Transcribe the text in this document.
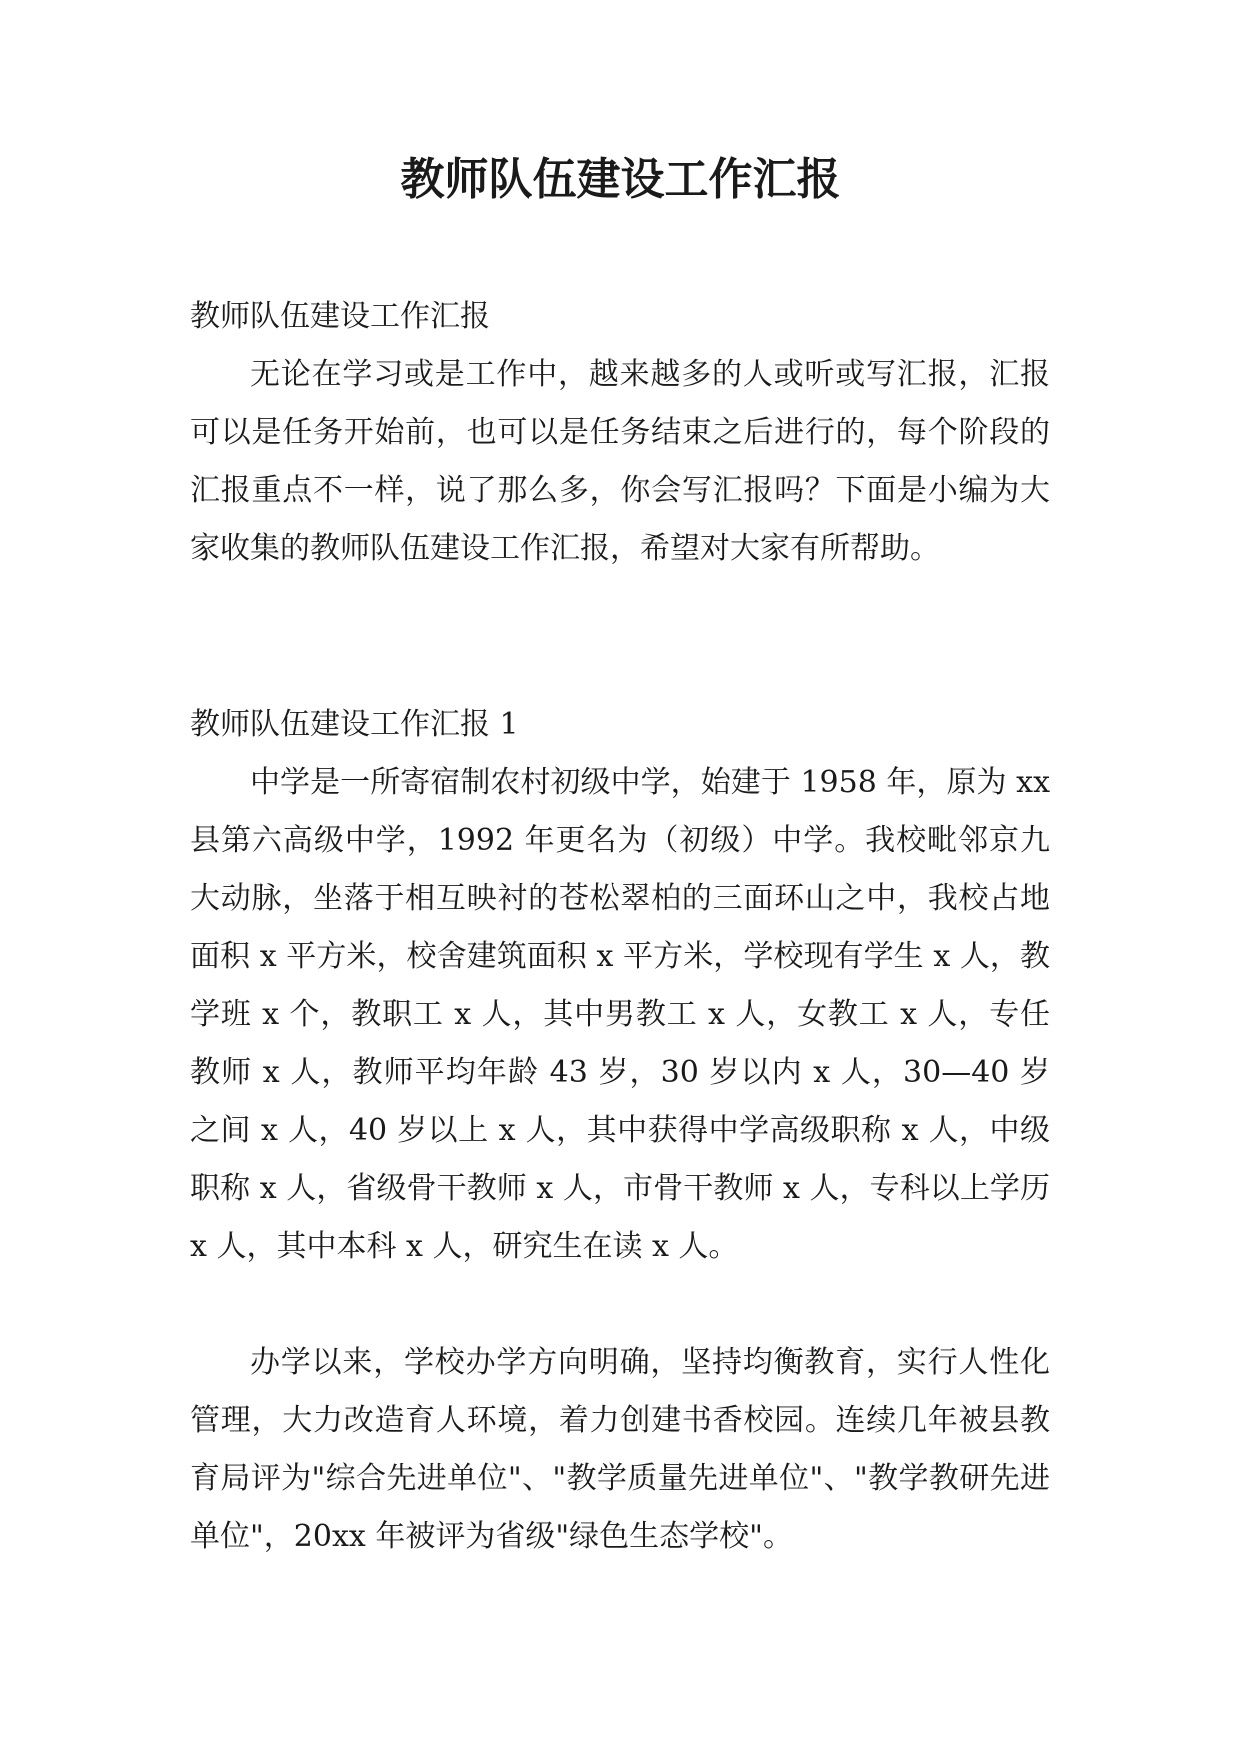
教师队伍建设工作汇报

教师队伍建设工作汇报

无论在学习或是工作中，越来越多的人或听或写汇报，汇报可以是任务开始前，也可以是任务结束之后进行的，每个阶段的汇报重点不一样，说了那么多，你会写汇报吗？下面是小编为大家收集的教师队伍建设工作汇报，希望对大家有所帮助。

教师队伍建设工作汇报 1

中学是一所寄宿制农村初级中学，始建于 1958 年，原为 xx 县第六高级中学，1992 年更名为（初级）中学。我校毗邻京九大动脉，坐落于相互映衬的苍松翠柏的三面环山之中，我校占地面积 x 平方米，校舍建筑面积 x 平方米，学校现有学生 x 人，教学班 x 个，教职工 x 人，其中男教工 x 人，女教工 x 人，专任教师 x 人，教师平均年龄 43 岁，30 岁以内 x 人，30—40 岁之间 x 人，40 岁以上 x 人，其中获得中学高级职称 x 人，中级职称 x 人，省级骨干教师 x 人，市骨干教师 x 人，专科以上学历 x 人，其中本科 x 人，研究生在读 x 人。

办学以来，学校办学方向明确，坚持均衡教育，实行人性化管理，大力改造育人环境，着力创建书香校园。连续几年被县教育局评为"综合先进单位"、"教学质量先进单位"、"教学教研先进单位"，20xx 年被评为省级"绿色生态学校"。
